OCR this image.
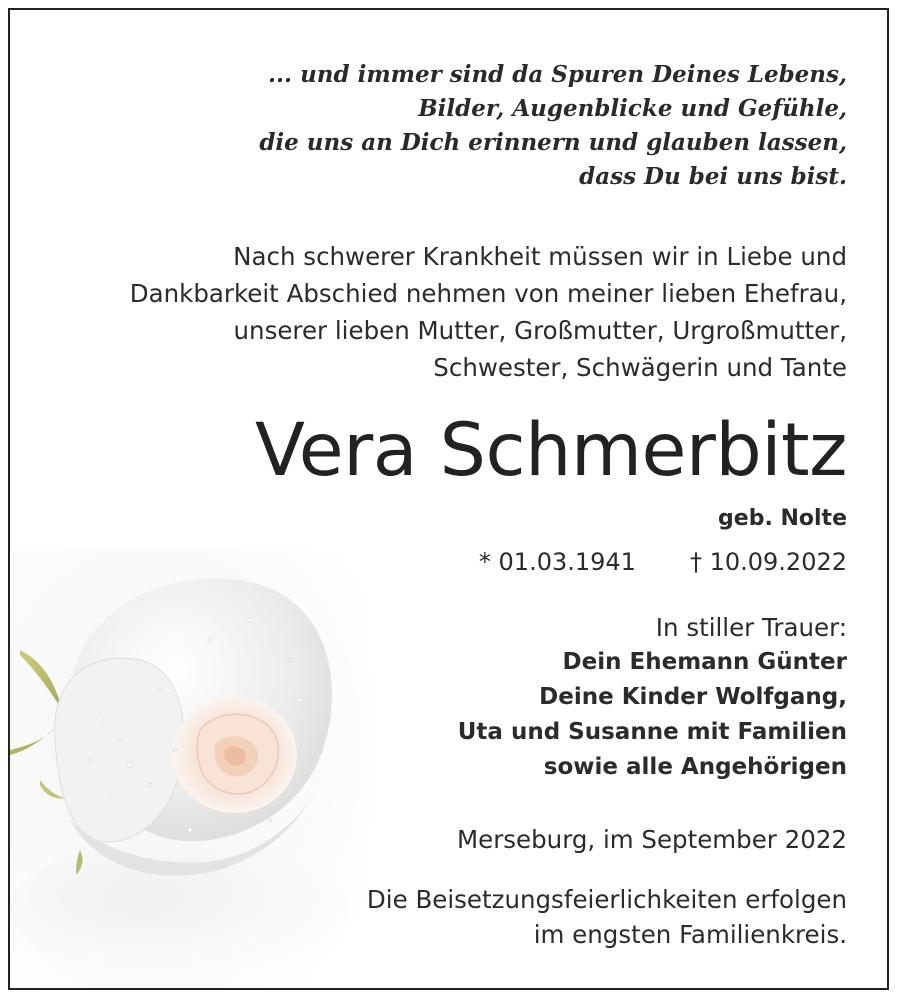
... und immer sind da Spuren Deines Lebens,
Bilder, Augenblicke und Gefühle,
die uns an Dich erinnern und glauben lassen,
dass Du bei uns bist.
Nach schwerer Krankheit müssen wir in Liebe und
Dankbarkeit Abschied nehmen von meiner lieben Ehefrau,
unserer lieben Mutter, Großmutter, Urgroßmutter,
Schwester, Schwägerin und Tante
Vera Schmerbitz
geb. Nolte
* 01.03.1941 † 10.09.2022
In stiller Trauer:
Dein Ehemann Günter
Deine Kinder Wolfgang,
Uta und Susanne mit Familien
sowie alle Angehörigen
Merseburg, im September 2022
Die Beisetzungsfeierlichkeiten erfolgen
im engsten Familienkreis.
